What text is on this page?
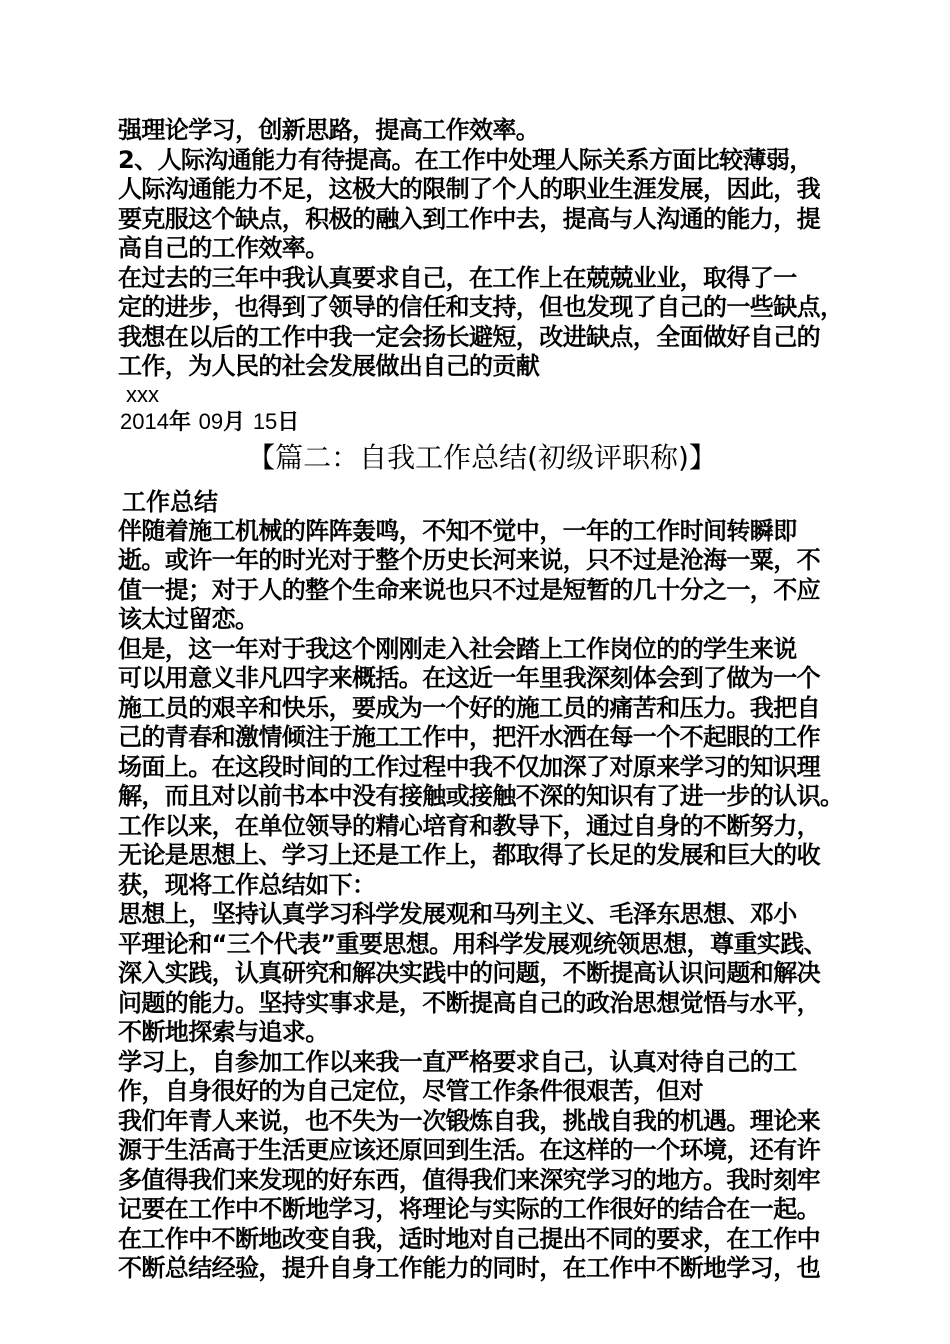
强理论学习，创新思路，提高工作效率。
2、人际沟通能力有待提高。在工作中处理人际关系方面比较薄弱，
人际沟通能力不足，这极大的限制了个人的职业生涯发展，因此，我
要克服这个缺点，积极的融入到工作中去，提高与人沟通的能力，提
高自己的工作效率。
在过去的三年中我认真要求自己，在工作上在兢兢业业，取得了一
定的进步，也得到了领导的信任和支持，但也发现了自己的一些缺点，
我想在以后的工作中我一定会扬长避短，改进缺点，全面做好自己的
工作，为人民的社会发展做出自己的贡献
xxx
2014年 09月 15日
【篇二：自我工作总结(初级评职称)】
工作总结
伴随着施工机械的阵阵轰鸣，不知不觉中，一年的工作时间转瞬即
逝。或许一年的时光对于整个历史长河来说，只不过是沧海一粟，不
值一提；对于人的整个生命来说也只不过是短暂的几十分之一，不应
该太过留恋。
但是，这一年对于我这个刚刚走入社会踏上工作岗位的的学生来说
可以用意义非凡四字来概括。在这近一年里我深刻体会到了做为一个
施工员的艰辛和快乐，要成为一个好的施工员的痛苦和压力。我把自
己的青春和激情倾注于施工工作中，把汗水洒在每一个不起眼的工作
场面上。在这段时间的工作过程中我不仅加深了对原来学习的知识理
解，而且对以前书本中没有接触或接触不深的知识有了进一步的认识。
工作以来，在单位领导的精心培育和教导下，通过自身的不断努力，
无论是思想上、学习上还是工作上，都取得了长足的发展和巨大的收
获，现将工作总结如下：
思想上，坚持认真学习科学发展观和马列主义、毛泽东思想、邓小
平理论和“三个代表”重要思想。用科学发展观统领思想，尊重实践、
深入实践，认真研究和解决实践中的问题，不断提高认识问题和解决
问题的能力。坚持实事求是，不断提高自己的政治思想觉悟与水平，
不断地探索与追求。
学习上，自参加工作以来我一直严格要求自己，认真对待自己的工
作，自身很好的为自己定位，尽管工作条件很艰苦，但对
我们年青人来说，也不失为一次锻炼自我，挑战自我的机遇。理论来
源于生活高于生活更应该还原回到生活。在这样的一个环境，还有许
多值得我们来发现的好东西，值得我们来深究学习的地方。我时刻牢
记要在工作中不断地学习，将理论与实际的工作很好的结合在一起。
在工作中不断地改变自我，适时地对自己提出不同的要求，在工作中
不断总结经验，提升自身工作能力的同时，在工作中不断地学习，也
